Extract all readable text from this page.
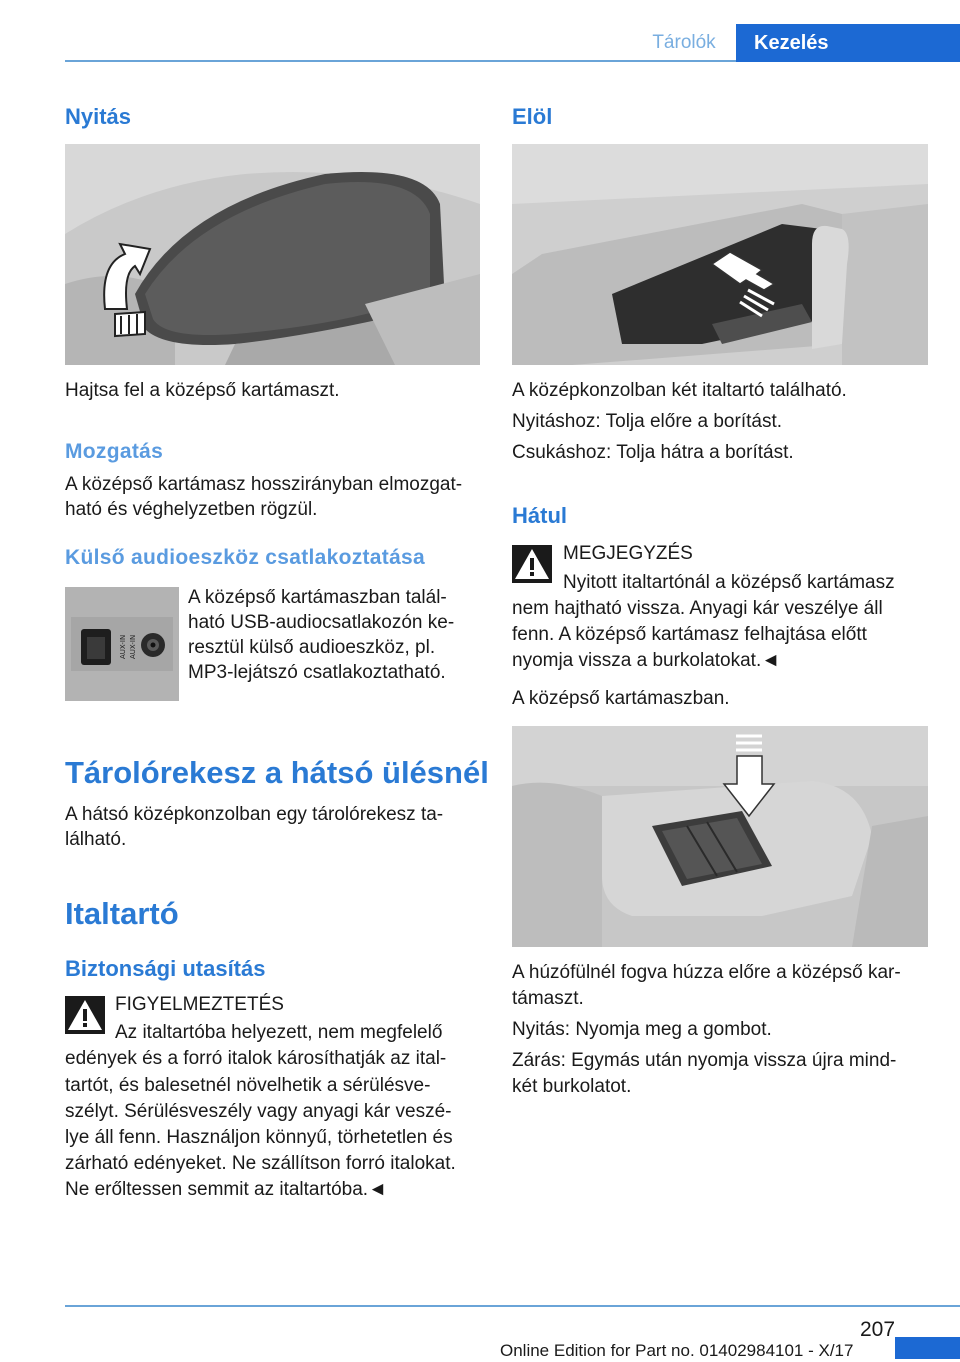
Tárolók	Kezelés
Nyitás
Hajtsa fel a középső kartámaszt.
Mozgatás
A középső kartámasz hosszirányban elmozgat‐
ható és véghelyzetben rögzül.
Külső audioeszköz csatlakoztatása
AUX-IN AUX-IN
A középső kartámaszban talál‐
ható USB-audiocsatlakozón ke‐
resztül külső audioeszköz, pl.
MP3-lejátszó csatlakoztatható.
Tárolórekesz a hátsó ülésnél
A hátsó középkonzolban egy tárolórekesz ta‐
lálható.
Italtartó
Biztonsági utasítás
FIGYELMEZTETÉS
Az italtartóba helyezett, nem megfelelő
edények és a forró italok károsíthatják az ital‐
tartót, és balesetnél növelhetik a sérülésve‐
szélyt. Sérülésveszély vagy anyagi kár veszé‐
lye áll fenn. Használjon könnyű, törhetetlen és
zárható edényeket. Ne szállítson forró italokat.
Ne erőltessen semmit az italtartóba.◄
Elöl
A középkonzolban két italtartó található.
Nyitáshoz: Tolja előre a borítást.
Csukáshoz: Tolja hátra a borítást.
Hátul
MEGJEGYZÉS
Nyitott italtartónál a középső kartámasz
nem hajtható vissza. Anyagi kár veszélye áll
fenn. A középső kartámasz felhajtása előtt
nyomja vissza a burkolatokat.◄
A középső kartámaszban.
A húzófülnél fogva húzza előre a középső kar‐
támaszt.
Nyitás: Nyomja meg a gombot.
Zárás: Egymás után nyomja vissza újra mind‐
két burkolatot.
207
Online Edition for Part no. 01402984101 - X/17
